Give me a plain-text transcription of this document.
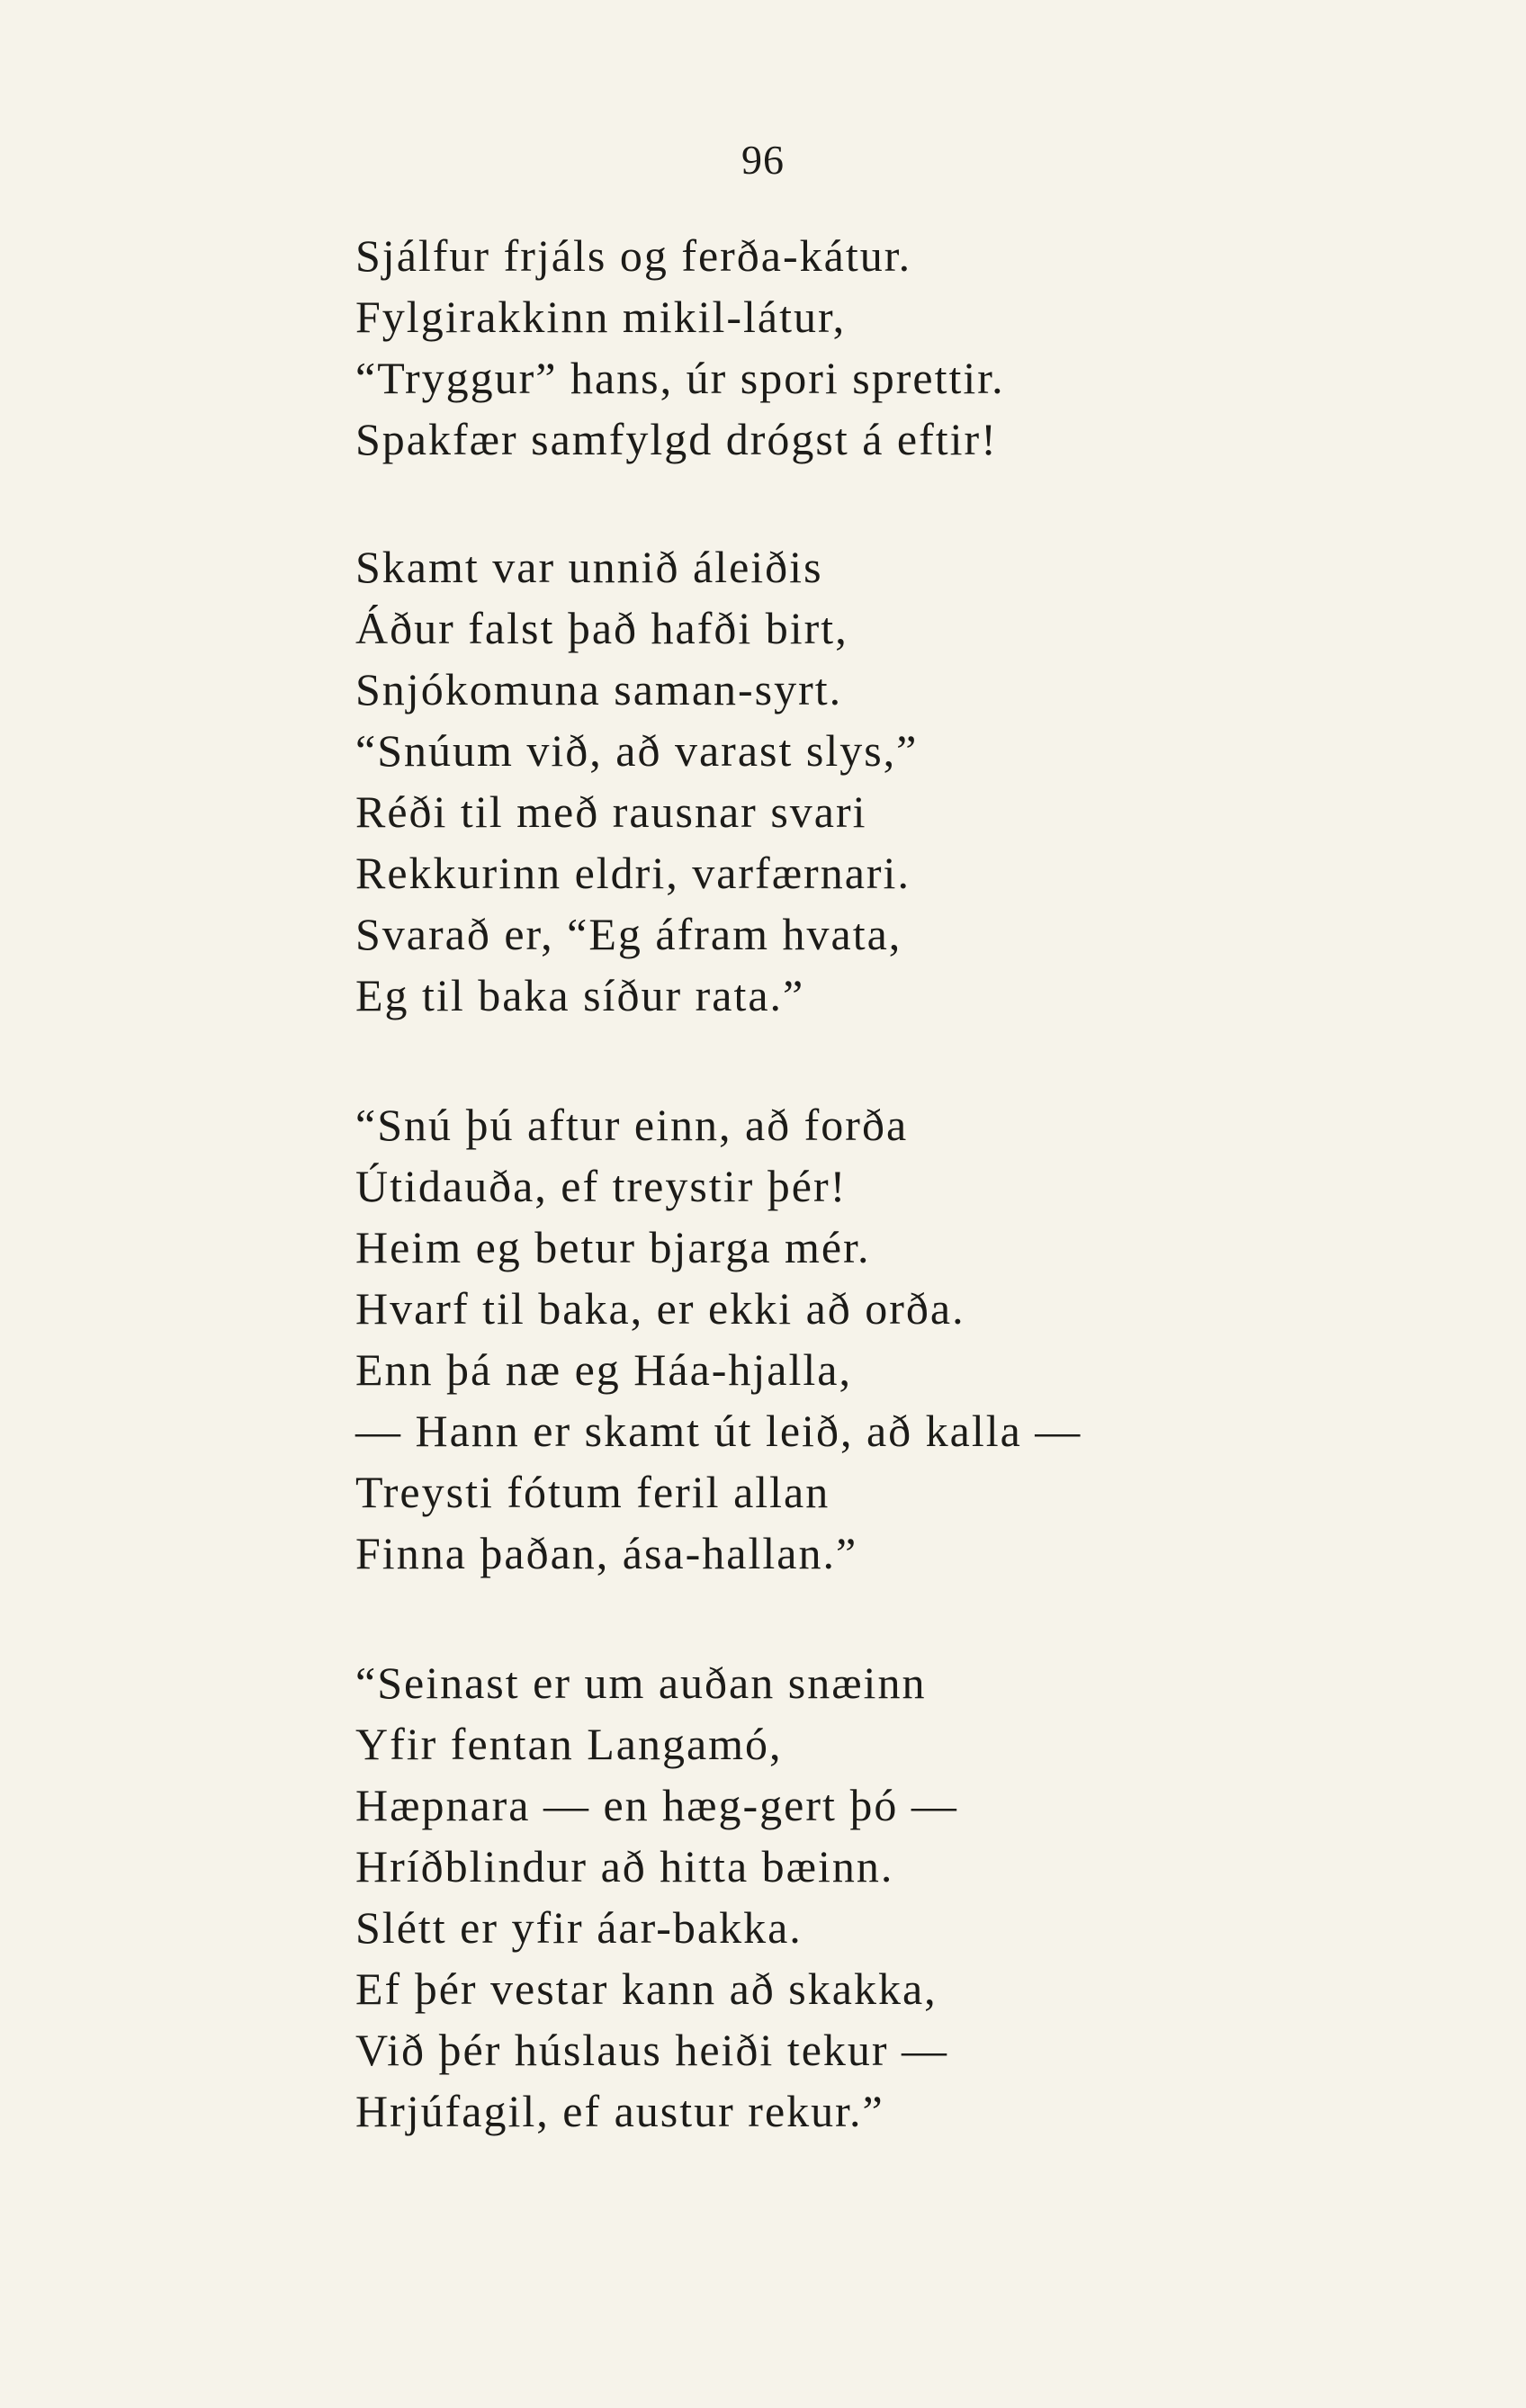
96
Sjálfur frjáls og ferða-kátur.
Fylgirakkinn mikil-látur,
“Tryggur” hans, úr spori sprettir.
Spakfær samfylgd drógst á eftir!
Skamt var unnið áleiðis
Áður falst það hafði birt,
Snjókomuna saman-syrt.
“Snúum við, að varast slys,”
Réði til með rausnar svari
Rekkurinn eldri, varfærnari.
Svarað er, “Eg áfram hvata,
Eg til baka síður rata.”
“Snú þú aftur einn, að forða
Útidauða, ef treystir þér!
Heim eg betur bjarga mér.
Hvarf til baka, er ekki að orða.
Enn þá næ eg Háa-hjalla,
— Hann er skamt út leið, að kalla —
Treysti fótum feril allan
Finna þaðan, ása-hallan.”
“Seinast er um auðan snæinn
Yfir fentan Langamó,
Hæpnara — en hæg-gert þó —
Hríðblindur að hitta bæinn.
Slétt er yfir áar-bakka.
Ef þér vestar kann að skakka,
Við þér húslaus heiði tekur —
Hrjúfagil, ef austur rekur.”
